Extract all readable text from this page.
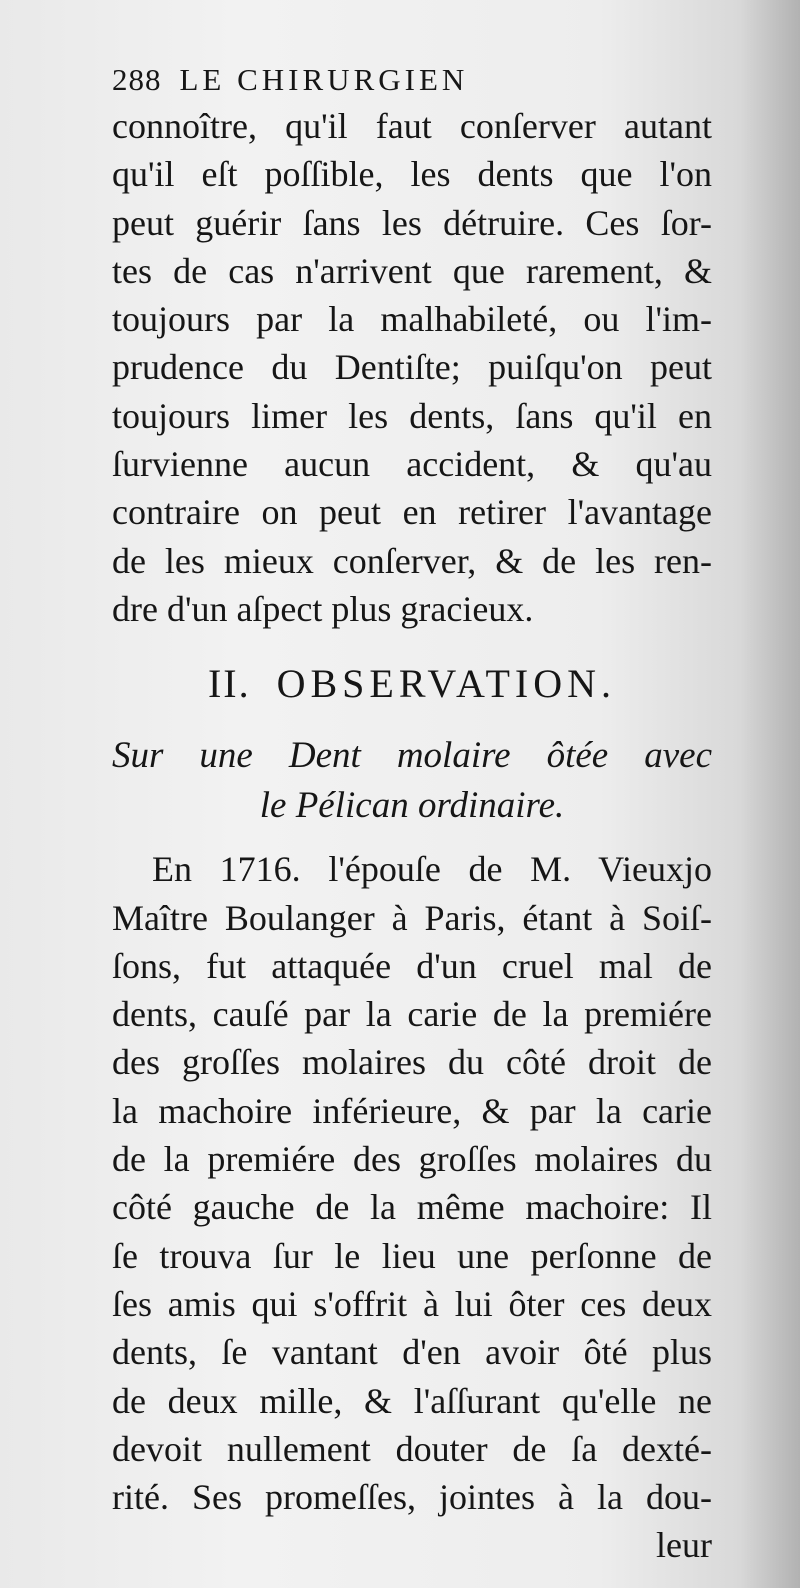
288 LE CHIRURGIEN
connoître, qu'il faut conſerver autant
qu'il eſt poſſible, les dents que l'on
peut guérir ſans les détruire. Ces ſor-
tes de cas n'arrivent que rarement, &
toujours par la malhabileté, ou l'im-
prudence du Dentiſte; puiſqu'on peut
toujours limer les dents, ſans qu'il en
ſurvienne aucun accident, & qu'au
contraire on peut en retirer l'avantage
de les mieux conſerver, & de les ren-
dre d'un aſpect plus gracieux.
II. OBSERVATION.
Sur une Dent molaire ôtée avec
le Pélican ordinaire.
En 1716. l'épouſe de M. Vieuxjo
Maître Boulanger à Paris, étant à Soiſ-
ſons, fut attaquée d'un cruel mal de
dents, cauſé par la carie de la premiére
des groſſes molaires du côté droit de
la machoire inférieure, & par la carie
de la premiére des groſſes molaires du
côté gauche de la même machoire: Il
ſe trouva ſur le lieu une perſonne de
ſes amis qui s'offrit à lui ôter ces deux
dents, ſe vantant d'en avoir ôté plus
de deux mille, & l'aſſurant qu'elle ne
devoit nullement douter de ſa dexté-
rité. Ses promeſſes, jointes à la dou-
leur
